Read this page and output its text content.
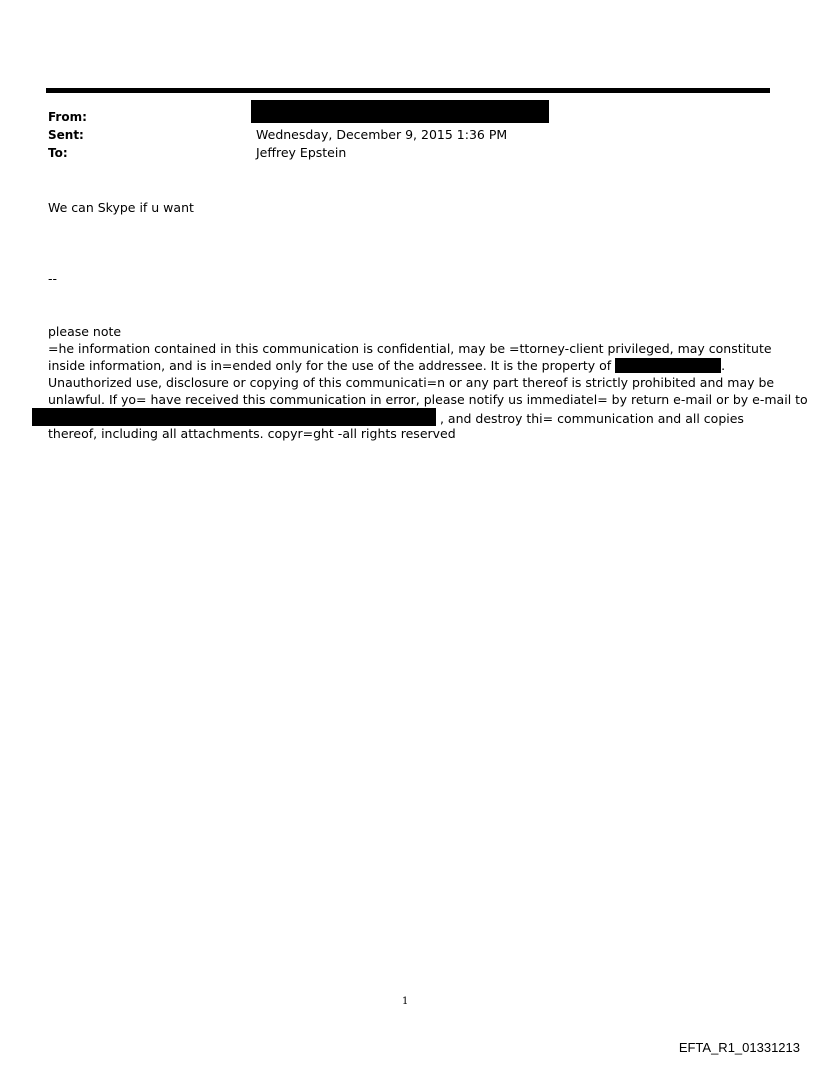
From:
Sent:	Wednesday, December 9, 2015 1:36 PM
To:	Jeffrey Epstein
We can Skype if u want
--
please note
=he information contained in this communication is confidential, may be =ttorney-client privileged, may constitute
inside information, and is in=ended only for the use of the addressee. It is the property of	.
Unauthorized use, disclosure or copying of this communicati=n or any part thereof is strictly prohibited and may be
unlawful. If yo= have received this communication in error, please notify us immediatel= by return e-mail or by e-mail to
, and destroy thi= communication and all copies
thereof, including all attachments. copyr=ght -all rights reserved
1
EFTA_R1_01331213
